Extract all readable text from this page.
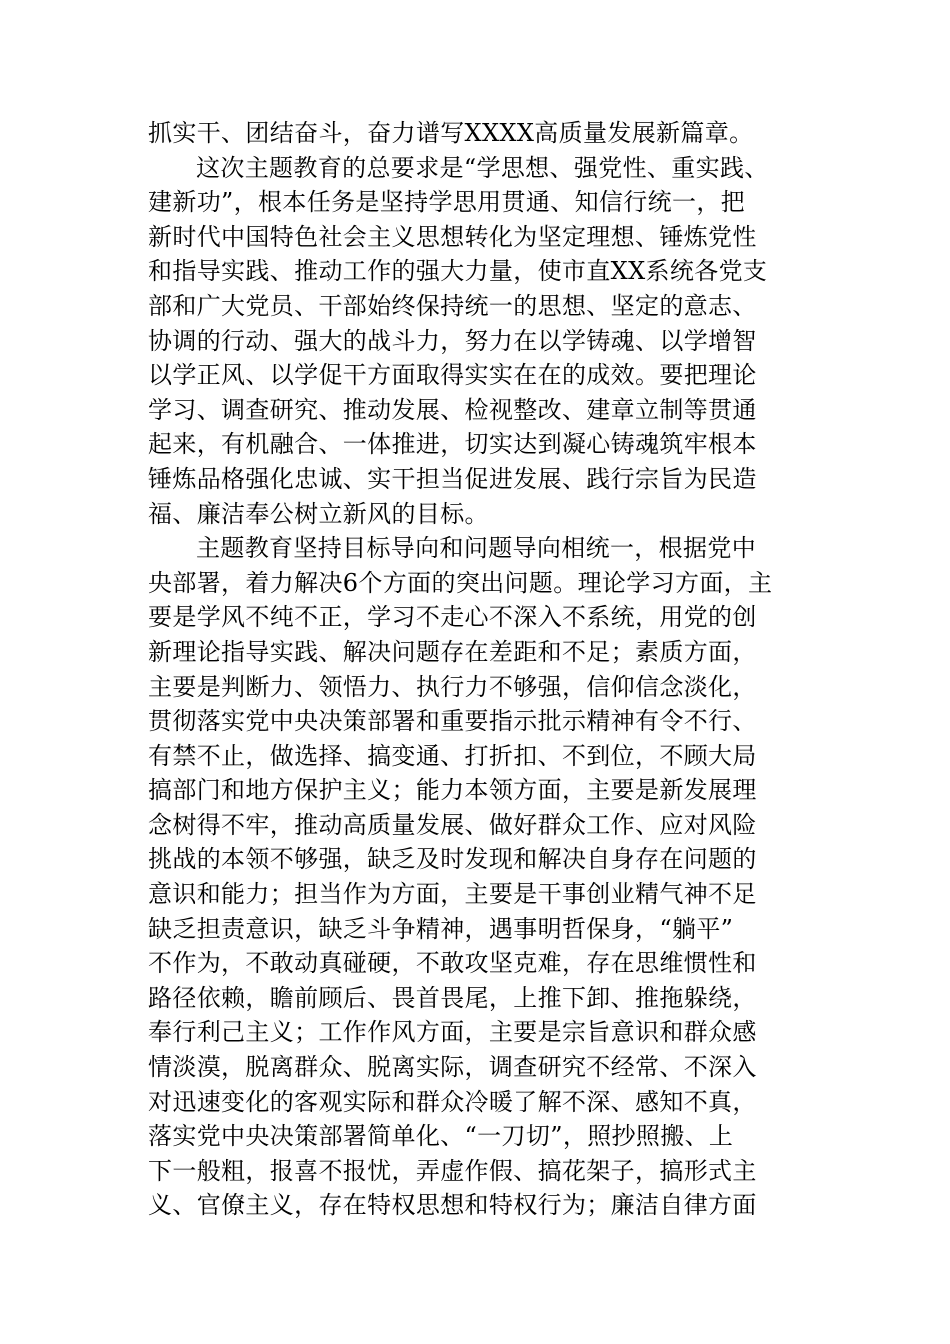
抓实干、团结奋斗，奋力谱写XXXX高质量发展新篇章。
这次主题教育的总要求是“学思想、强党性、重实践、
建新功”，根本任务是坚持学思用贯通、知信行统一，把
新时代中国特色社会主义思想转化为坚定理想、锤炼党性
和指导实践、推动工作的强大力量，使市直XX系统各党支
部和广大党员、干部始终保持统一的思想、坚定的意志、
协调的行动、强大的战斗力，努力在以学铸魂、以学增智
以学正风、以学促干方面取得实实在在的成效。要把理论
学习、调查研究、推动发展、检视整改、建章立制等贯通
起来，有机融合、一体推进，切实达到凝心铸魂筑牢根本
锤炼品格强化忠诚、实干担当促进发展、践行宗旨为民造
福、廉洁奉公树立新风的目标。
主题教育坚持目标导向和问题导向相统一，根据党中
央部署，着力解决6个方面的突出问题。理论学习方面，主
要是学风不纯不正，学习不走心不深入不系统，用党的创
新理论指导实践、解决问题存在差距和不足；素质方面，
主要是判断力、领悟力、执行力不够强，信仰信念淡化，
贯彻落实党中央决策部署和重要指示批示精神有令不行、
有禁不止，做选择、搞变通、打折扣、不到位，不顾大局
搞部门和地方保护主义；能力本领方面，主要是新发展理
念树得不牢，推动高质量发展、做好群众工作、应对风险
挑战的本领不够强，缺乏及时发现和解决自身存在问题的
意识和能力；担当作为方面，主要是干事创业精气神不足
缺乏担责意识，缺乏斗争精神，遇事明哲保身，“躺平”
不作为，不敢动真碰硬，不敢攻坚克难，存在思维惯性和
路径依赖，瞻前顾后、畏首畏尾，上推下卸、推拖躲绕，
奉行利己主义；工作作风方面，主要是宗旨意识和群众感
情淡漠，脱离群众、脱离实际，调查研究不经常、不深入
对迅速变化的客观实际和群众冷暖了解不深、感知不真，
落实党中央决策部署简单化、“一刀切”，照抄照搬、上
下一般粗，报喜不报忧，弄虚作假、搞花架子，搞形式主
义、官僚主义，存在特权思想和特权行为；廉洁自律方面
